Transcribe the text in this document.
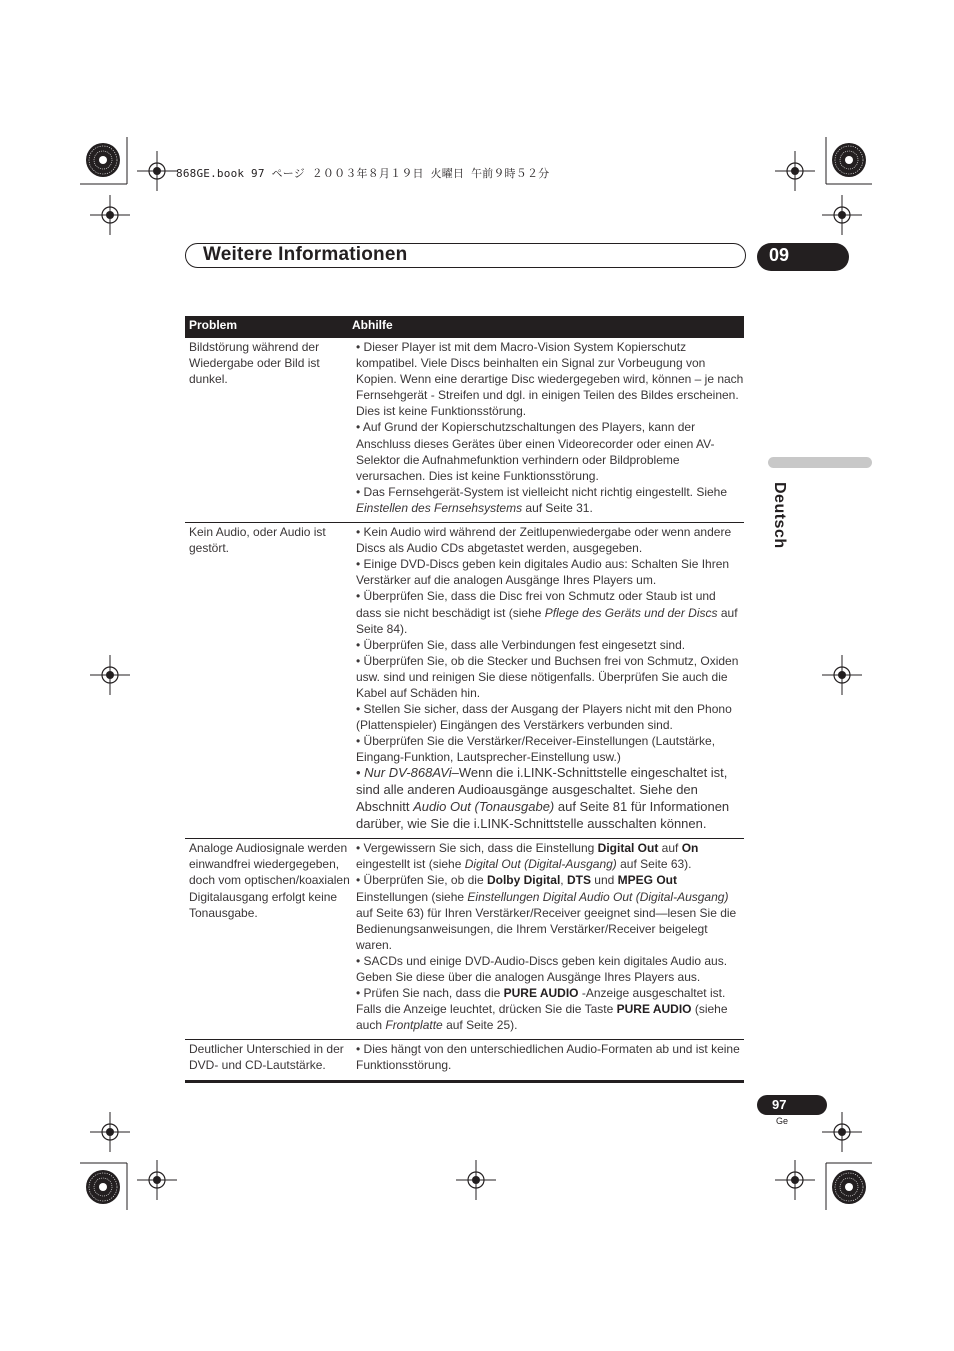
868GE.book 97 ページ ２００３年８月１９日 火曜日 午前９時５２分
Weitere Informationen	09
Deutsch
Problem	Abhilfe
Bildstörung während der Wiedergabe oder Bild ist dunkel.

• Dieser Player ist mit dem Macro-Vision System Kopierschutz kompatibel. Viele Discs beinhalten ein Signal zur Vorbeugung von Kopien. Wenn eine derartige Disc wiedergegeben wird, können – je nach Fernsehgerät - Streifen und dgl. in einigen Teilen des Bildes erscheinen. Dies ist keine Funktionsstörung.

• Auf Grund der Kopierschutzschaltungen des Players, kann der Anschluss dieses Gerätes über einen Videorecorder oder einen AV-Selektor die Aufnahmefunktion verhindern oder Bildprobleme verursachen. Dies ist keine Funktionsstörung.

• Das Fernsehgerät-System ist vielleicht nicht richtig eingestellt. Siehe Einstellen des Fernsehsystems auf Seite 31.

Kein Audio, oder Audio ist gestört.

• Kein Audio wird während der Zeitlupenwiedergabe oder wenn andere Discs als Audio CDs abgetastet werden, ausgegeben.

• Einige DVD-Discs geben kein digitales Audio aus: Schalten Sie Ihren Verstärker auf die analogen Ausgänge Ihres Players um.

• Überprüfen Sie, dass die Disc frei von Schmutz oder Staub ist und dass sie nicht beschädigt ist (siehe Pflege des Geräts und der Discs auf Seite 84).

• Überprüfen Sie, dass alle Verbindungen fest eingesetzt sind.

• Überprüfen Sie, ob die Stecker und Buchsen frei von Schmutz, Oxiden usw. sind und reinigen Sie diese nötigenfalls. Überprüfen Sie auch die Kabel auf Schäden hin.

• Stellen Sie sicher, dass der Ausgang der Players nicht mit den Phono (Plattenspieler) Eingängen des Verstärkers verbunden sind.

• Überprüfen Sie die Verstärker/Receiver-Einstellungen (Lautstärke, Eingang-Funktion, Lautsprecher-Einstellung usw.)

• Nur DV-868AVi–Wenn die i.LINK-Schnittstelle eingeschaltet ist, sind alle anderen Audioausgänge ausgeschaltet. Siehe den Abschnitt Audio Out (Tonausgabe) auf Seite 81 für Informationen darüber, wie Sie die i.LINK-Schnittstelle ausschalten können.

Analoge Audiosignale werden einwandfrei wiedergegeben, doch vom optischen/koaxialen Digitalausgang erfolgt keine Tonausgabe.

• Vergewissern Sie sich, dass die Einstellung Digital Out auf On eingestellt ist (siehe Digital Out (Digital-Ausgang) auf Seite 63).

• Überprüfen Sie, ob die Dolby Digital, DTS und MPEG Out Einstellungen (siehe Einstellungen Digital Audio Out (Digital-Ausgang) auf Seite 63) für Ihren Verstärker/Receiver geeignet sind—lesen Sie die Bedienungsanweisungen, die Ihrem Verstärker/Receiver beigelegt waren.

• SACDs und einige DVD-Audio-Discs geben kein digitales Audio aus. Geben Sie diese über die analogen Ausgänge Ihres Players aus.

• Prüfen Sie nach, dass die PURE AUDIO -Anzeige ausgeschaltet ist. Falls die Anzeige leuchtet, drücken Sie die Taste PURE AUDIO (siehe auch Frontplatte auf Seite 25).

Deutlicher Unterschied in der DVD- und CD-Lautstärke.

• Dies hängt von den unterschiedlichen Audio-Formaten ab und ist keine Funktionsstörung.

97
Ge
